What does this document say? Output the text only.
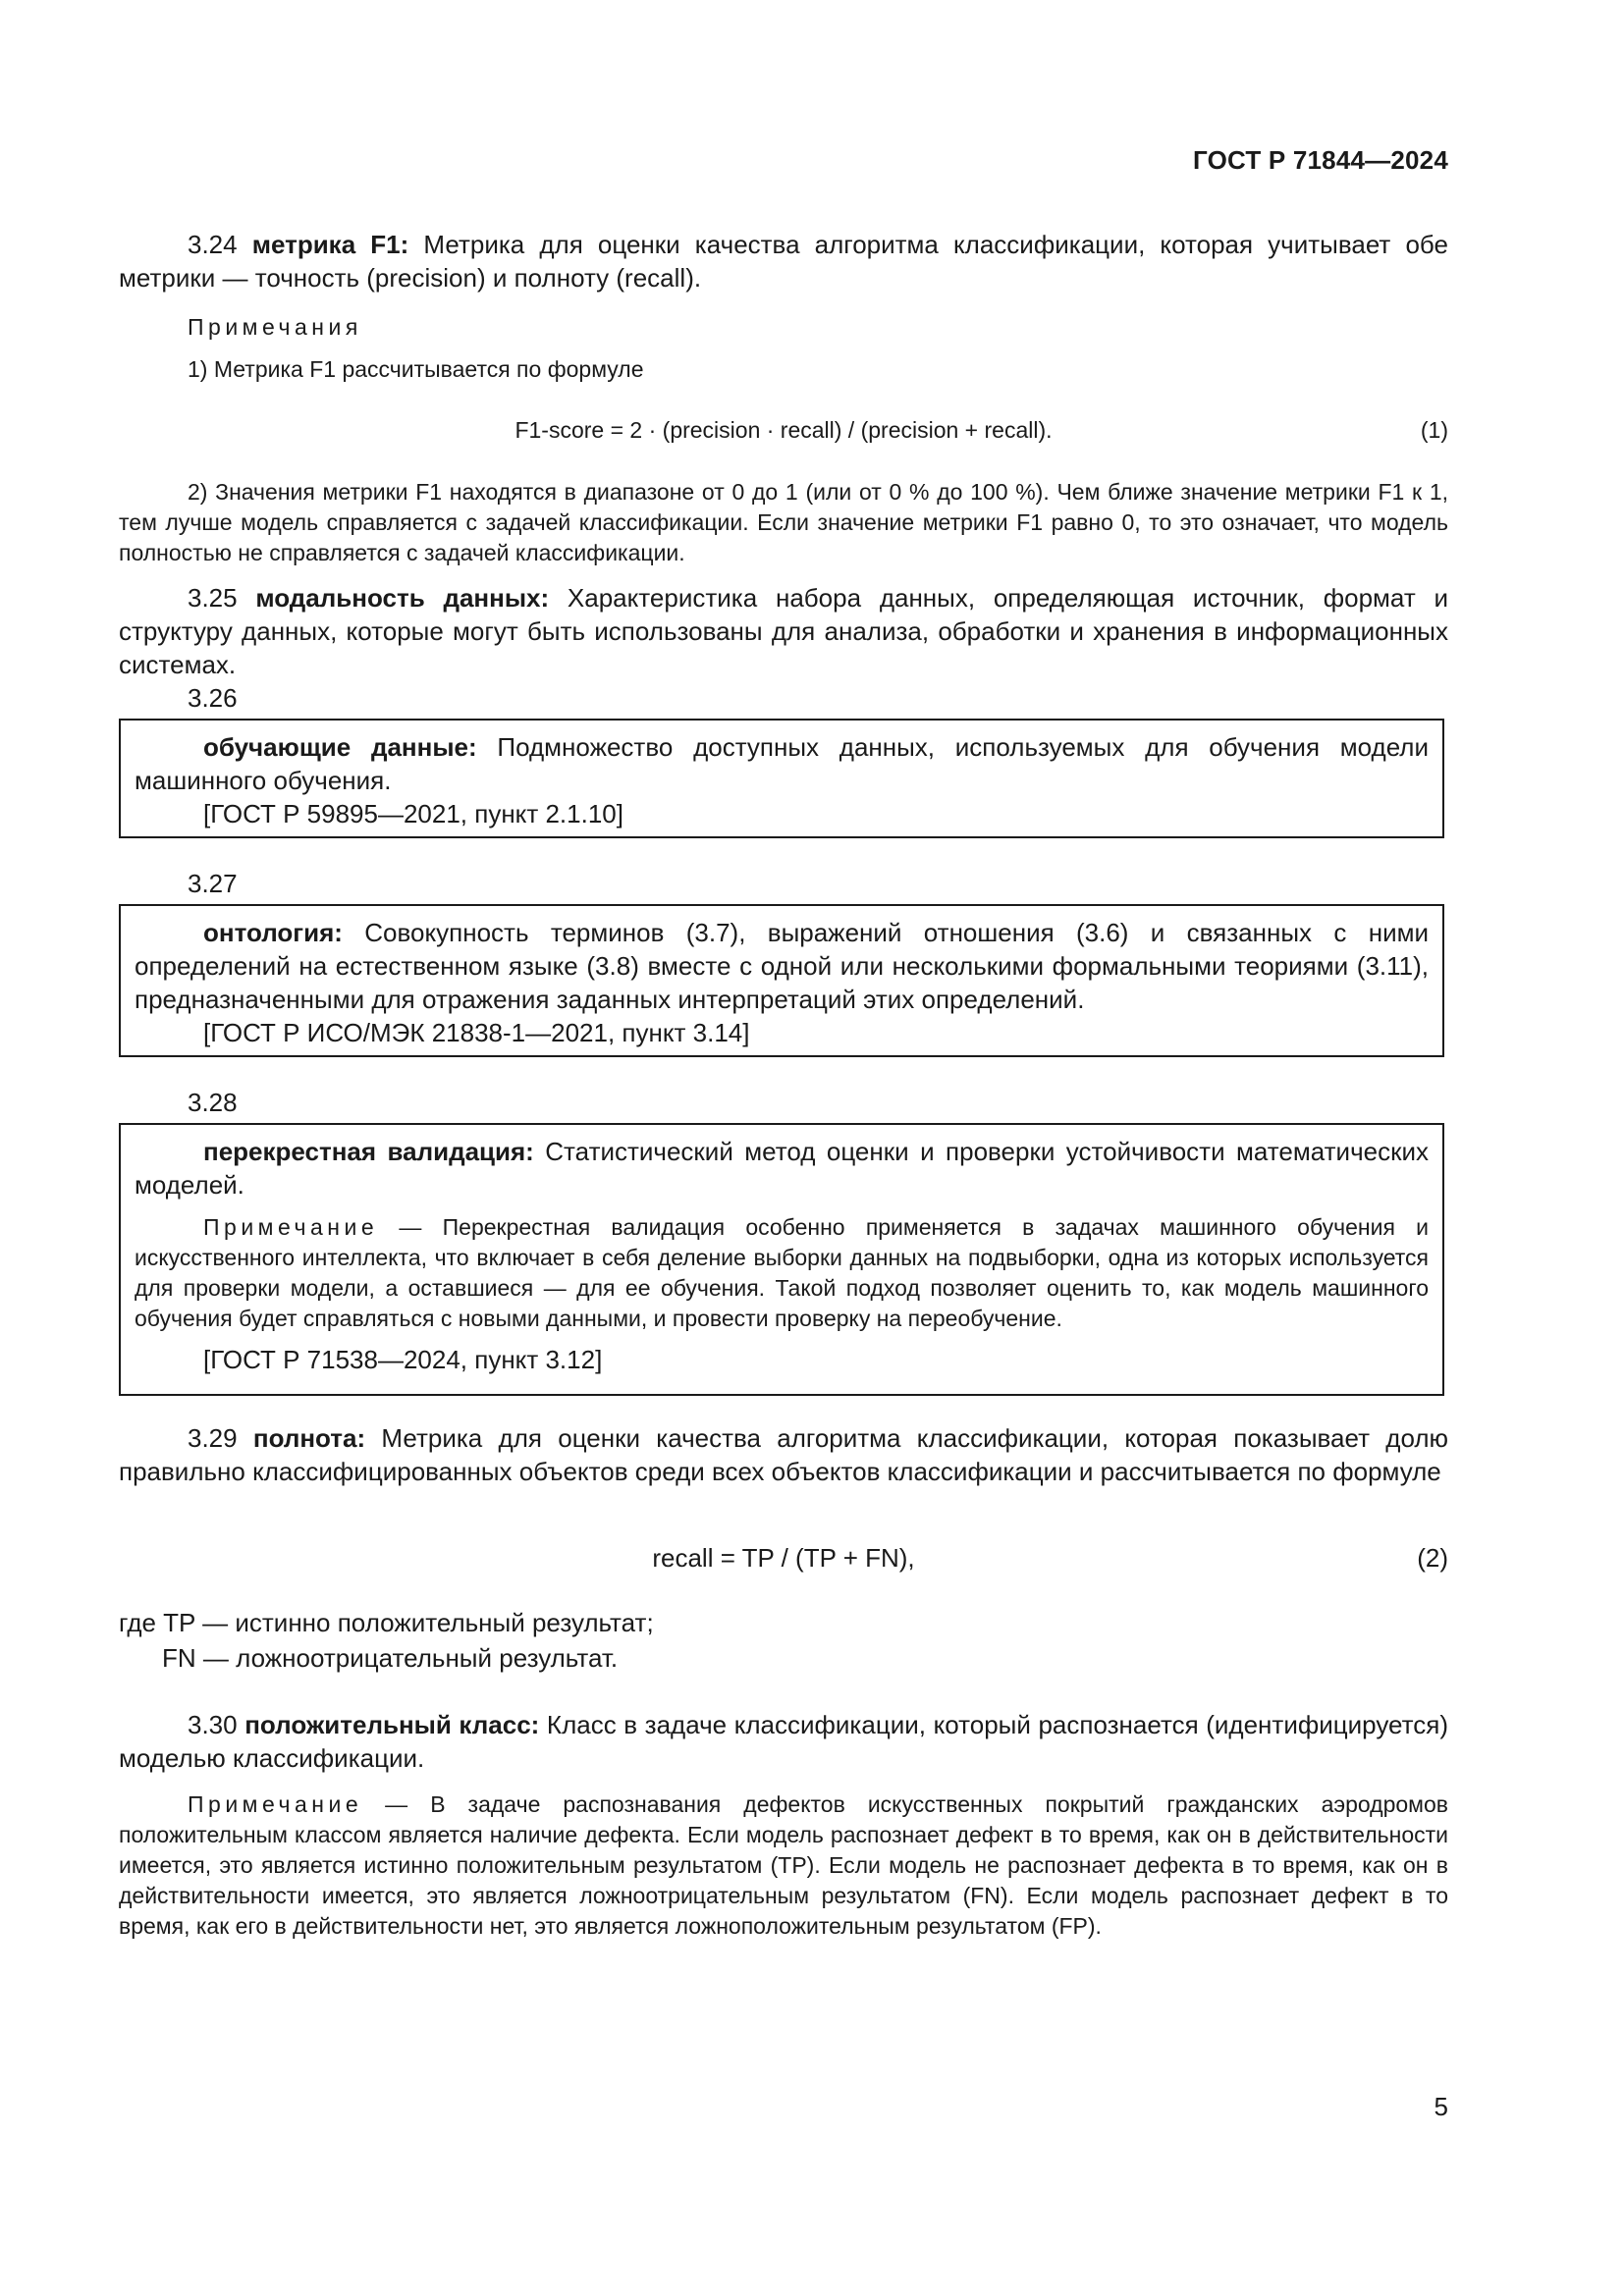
ГОСТ Р 71844—2024

3.24 метрика F1: Метрика для оценки качества алгоритма классификации, которая учитывает обе метрики — точность (precision) и полноту (recall).

Примечания

1) Метрика F1 рассчитывается по формуле

F1-score = 2 · (precision · recall) / (precision + recall).	(1)

2) Значения метрики F1 находятся в диапазоне от 0 до 1 (или от 0 % до 100 %). Чем ближе значение метрики F1 к 1, тем лучше модель справляется с задачей классификации. Если значение метрики F1 равно 0, то это означает, что модель полностью не справляется с задачей классификации.

3.25 модальность данных: Характеристика набора данных, определяющая источник, формат и структуру данных, которые могут быть использованы для анализа, обработки и хранения в информационных системах.

3.26

обучающие данные: Подмножество доступных данных, используемых для обучения модели машинного обучения.

[ГОСТ Р 59895—2021, пункт 2.1.10]

3.27

онтология: Совокупность терминов (3.7), выражений отношения (3.6) и связанных с ними определений на естественном языке (3.8) вместе с одной или несколькими формальными теориями (3.11), предназначенными для отражения заданных интерпретаций этих определений.

[ГОСТ Р ИСО/МЭК 21838-1—2021, пункт 3.14]

3.28

перекрестная валидация: Статистический метод оценки и проверки устойчивости математических моделей.

Примечание — Перекрестная валидация особенно применяется в задачах машинного обучения и искусственного интеллекта, что включает в себя деление выборки данных на подвыборки, одна из которых используется для проверки модели, а оставшиеся — для ее обучения. Такой подход позволяет оценить то, как модель машинного обучения будет справляться с новыми данными, и провести проверку на переобучение.

[ГОСТ Р 71538—2024, пункт 3.12]

3.29 полнота: Метрика для оценки качества алгоритма классификации, которая показывает долю правильно классифицированных объектов среди всех объектов классификации и рассчитывается по формуле

recall = TP / (TP + FN),	(2)

где TP — истинно положительный результат;

FN — ложноотрицательный результат.

3.30 положительный класс: Класс в задаче классификации, который распознается (идентифицируется) моделью классификации.

Примечание — В задаче распознавания дефектов искусственных покрытий гражданских аэродромов положительным классом является наличие дефекта. Если модель распознает дефект в то время, как он в действительности имеется, это является истинно положительным результатом (TP). Если модель не распознает дефекта в то время, как он в действительности имеется, это является ложноотрицательным результатом (FN). Если модель распознает дефект в то время, как его в действительности нет, это является ложноположительным результатом (FP).

5
